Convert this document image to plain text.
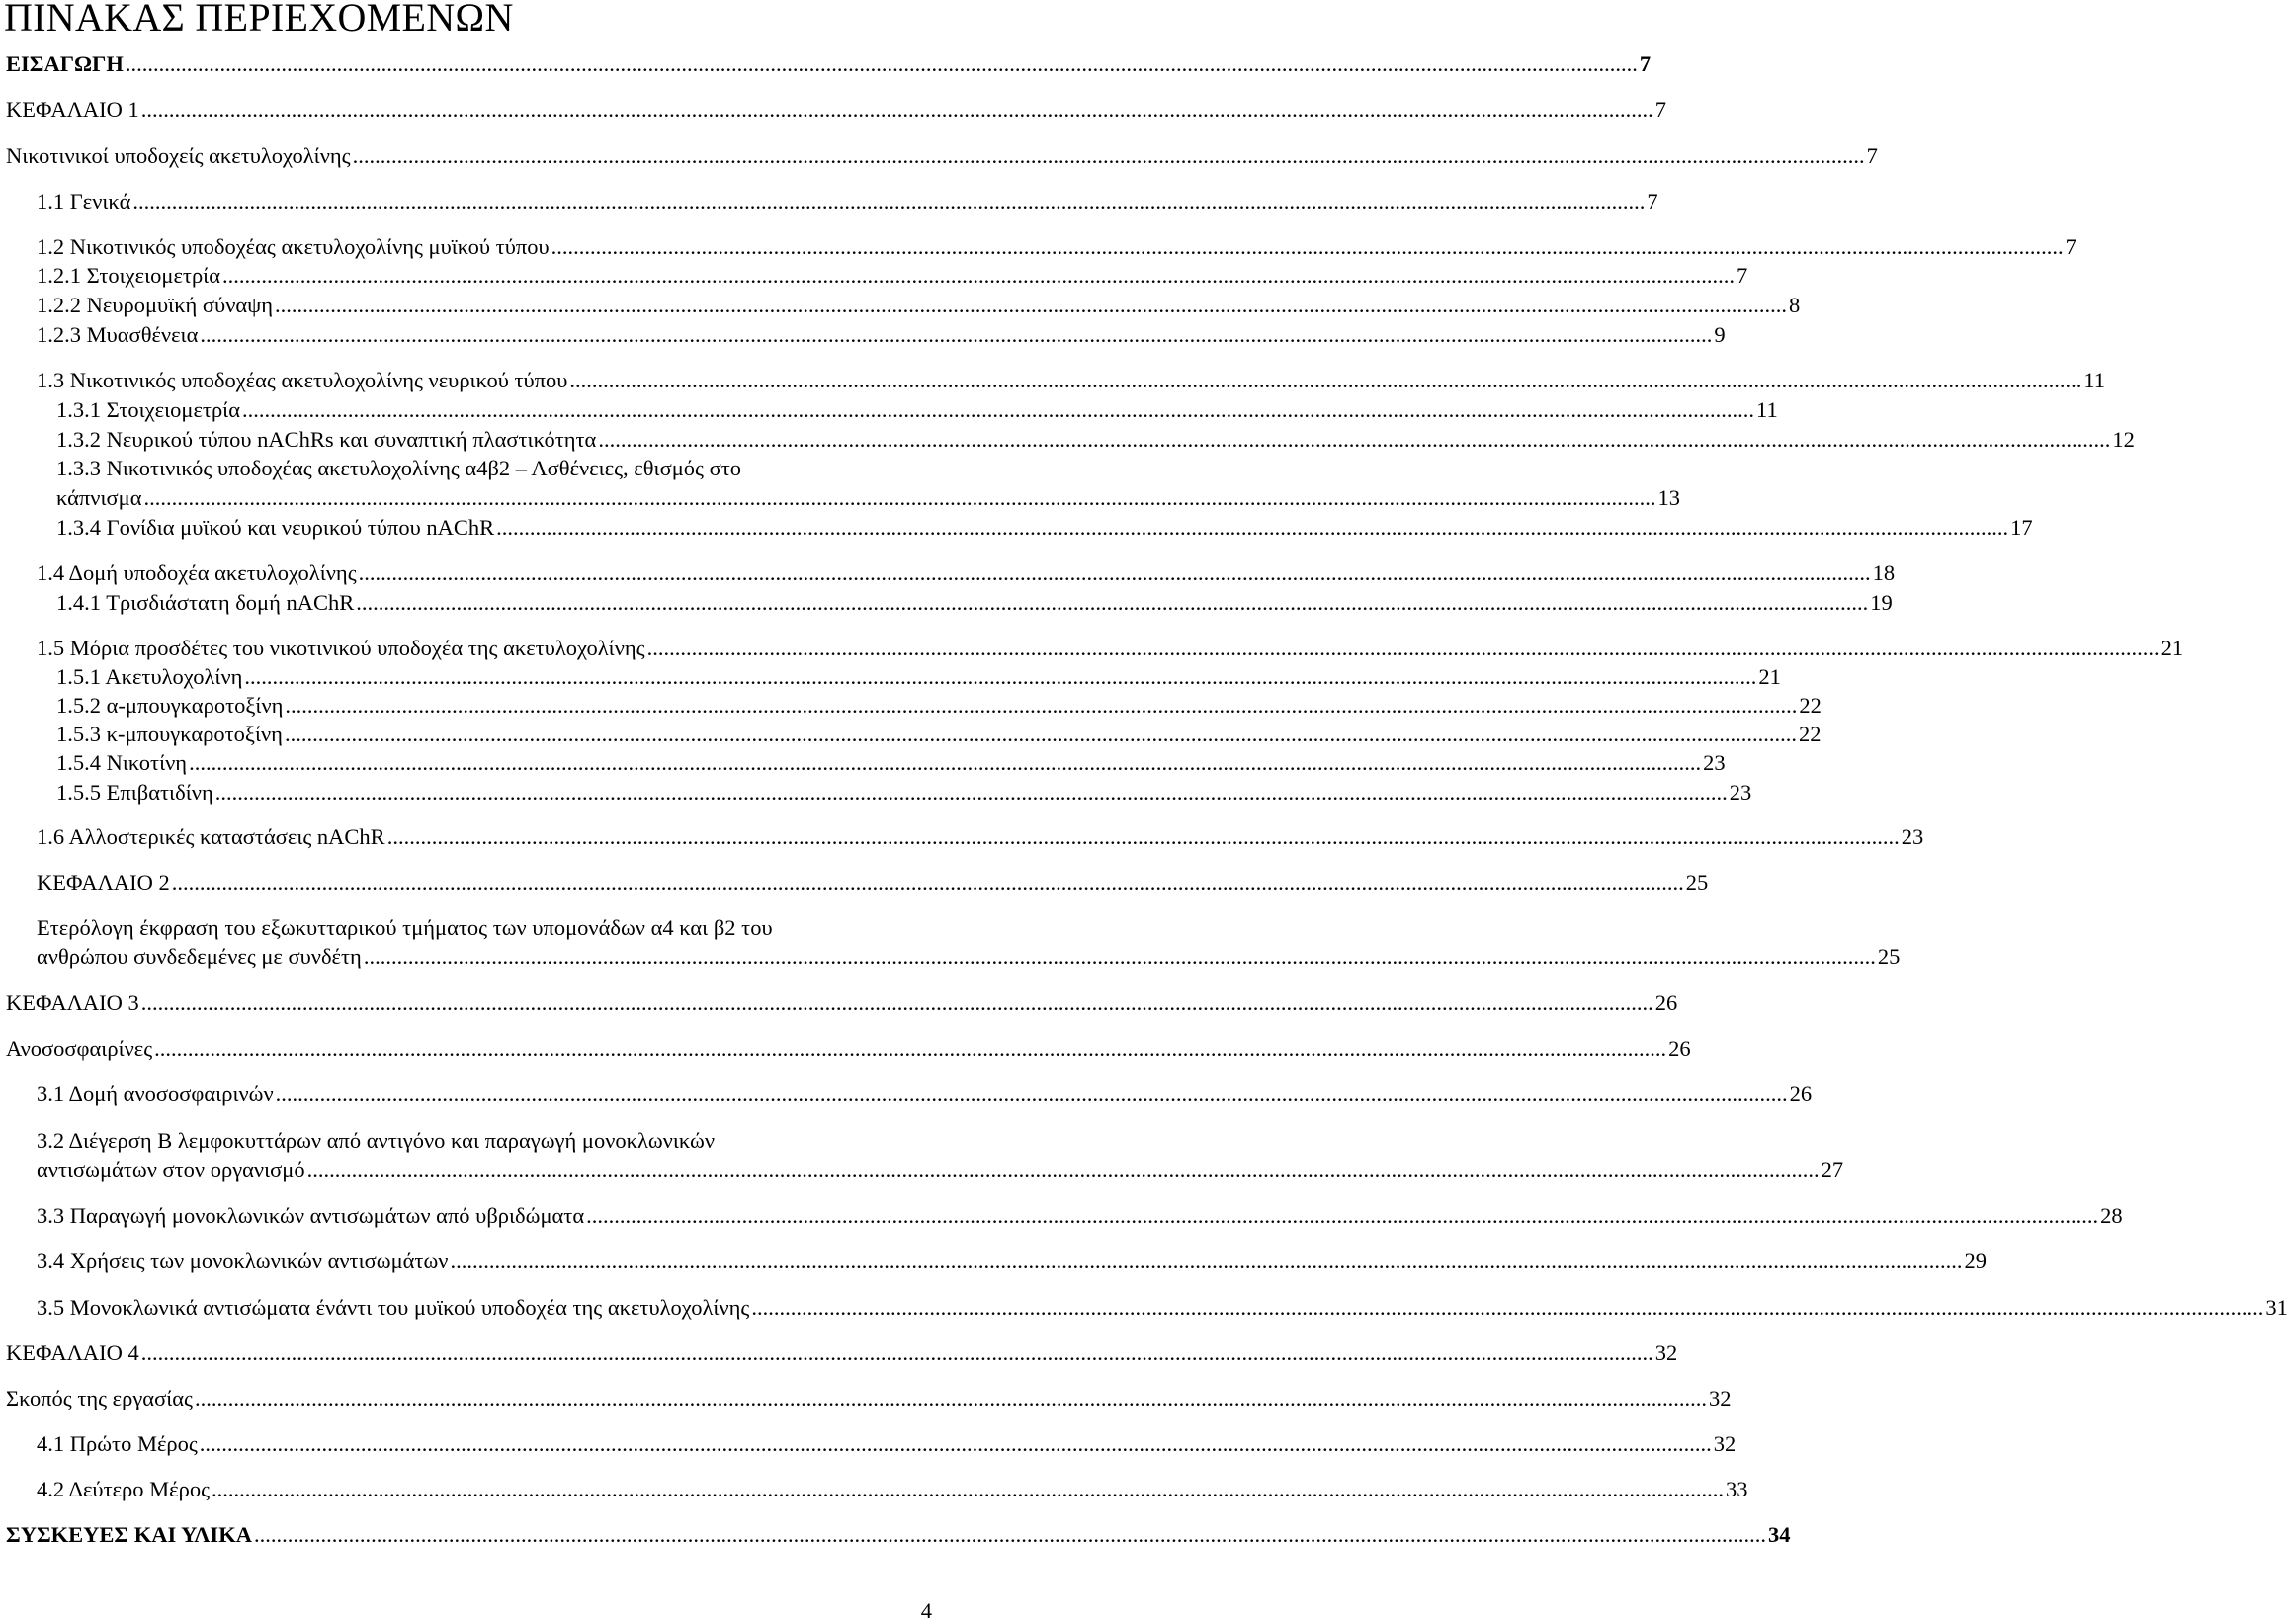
ΠΙΝΑΚΑΣ ΠΕΡΙΕΧΟΜΕΝΩΝ
ΕΙΣΑΓΩΓΗ .....	7
ΚΕΦΑΛΑΙΟ 1 .....	7
Νικοτινικοί υποδοχείς ακετυλοχολίνης .....	7
1.1 Γενικά .....	7
1.2 Νικοτινικός υποδοχέας ακετυλοχολίνης μυϊκού τύπου .....	7
1.2.1 Στοιχειομετρία .....	7
1.2.2 Νευρομυϊκή σύναψη .....	8
1.2.3 Μυασθένεια .....	9
1.3 Νικοτινικός υποδοχέας ακετυλοχολίνης νευρικού τύπου .....	11
1.3.1 Στοιχειομετρία .....	11
1.3.2 Νευρικού τύπου nAChRs και συναπτική πλαστικότητα .....	12
1.3.3 Νικοτινικός υποδοχέας ακετυλοχολίνης α4β2 – Ασθένειες, εθισμός στο
κάπνισμα .....	13
1.3.4 Γονίδια μυϊκού και νευρικού τύπου nAChR .....	17
1.4 Δομή υποδοχέα ακετυλοχολίνης .....	18
1.4.1 Τρισδιάστατη δομή nAChR .....	19
1.5 Μόρια προσδέτες του νικοτινικού υποδοχέα της ακετυλοχολίνης .....	21
1.5.1 Ακετυλοχολίνη .....	21
1.5.2 α-μπουγκαροτοξίνη .....	22
1.5.3 κ-μπουγκαροτοξίνη .....	22
1.5.4 Νικοτίνη .....	23
1.5.5 Επιβατιδίνη .....	23
1.6 Αλλοστερικές καταστάσεις nAChR .....	23
ΚΕΦΑΛΑΙΟ 2 .....	25
Ετερόλογη έκφραση του εξωκυτταρικού τμήματος των υπομονάδων α4 και β2 του
ανθρώπου συνδεδεμένες με συνδέτη .....	25
ΚΕΦΑΛΑΙΟ 3 .....	26
Ανοσοσφαιρίνες .....	26
3.1 Δομή ανοσοσφαιρινών .....	26
3.2 Διέγερση Β λεμφοκυττάρων από αντιγόνο και παραγωγή μονοκλωνικών
αντισωμάτων στον οργανισμό .....	27
3.3 Παραγωγή μονοκλωνικών αντισωμάτων από υβριδώματα .....	28
3.4 Χρήσεις των μονοκλωνικών αντισωμάτων .....	29
3.5 Μονοκλωνικά αντισώματα ένάντι του μυϊκού υποδοχέα της ακετυλοχολίνης .....	31
ΚΕΦΑΛΑΙΟ 4 .....	32
Σκοπός της εργασίας .....	32
4.1 Πρώτο Μέρος .....	32
4.2 Δεύτερο Μέρος .....	33
ΣΥΣΚΕΥΕΣ ΚΑΙ ΥΛΙΚΑ .....	34
4
